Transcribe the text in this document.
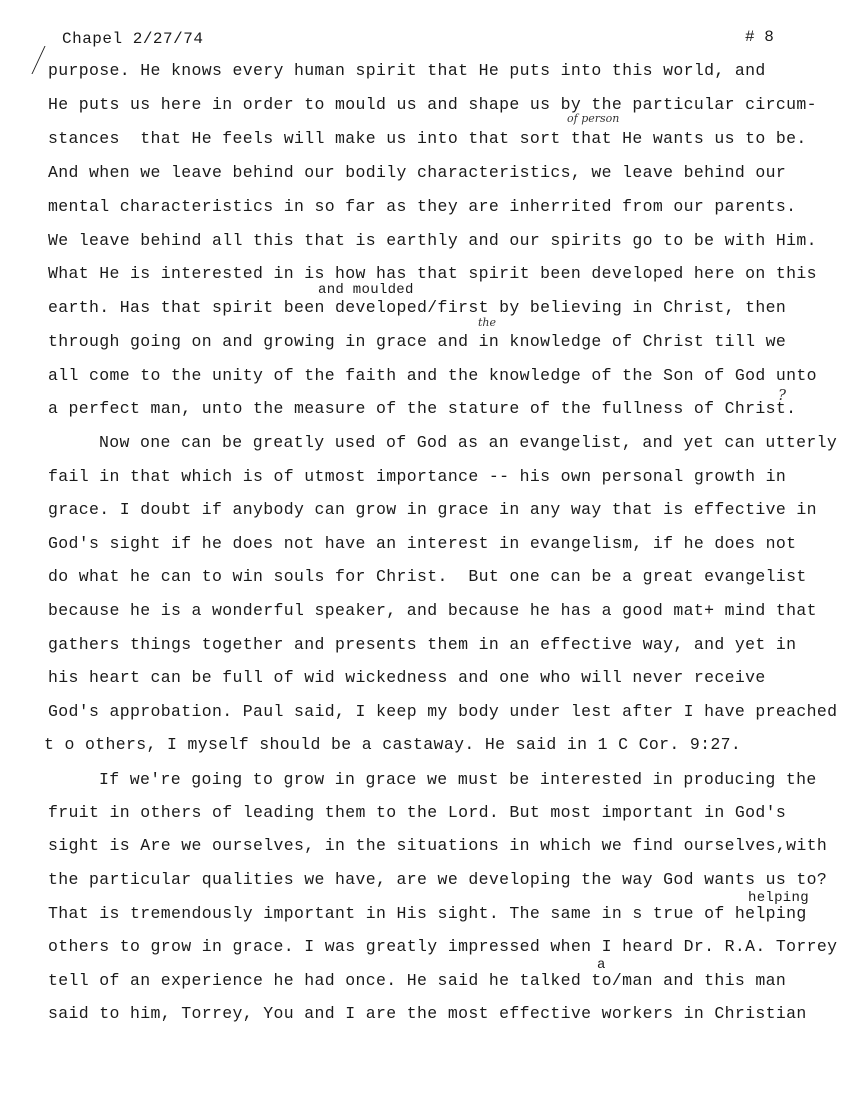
Chapel 2/27/74	# 8
of person
and moulded
the
?
helping
a
purpose. He knows every human spirit that He puts into this world, and
He puts us here in order to mould us and shape us by the particular circum-
stances  that He feels will make us into that sort that He wants us to be.
And when we leave behind our bodily characteristics, we leave behind our
mental characteristics in so far as they are inherrited from our parents.
We leave behind all this that is earthly and our spirits go to be with Him.
What He is interested in is how has that spirit been developed here on this
earth. Has that spirit been developed/first by believing in Christ, then
through going on and growing in grace and in knowledge of Christ till we
all come to the unity of the faith and the knowledge of the Son of God unto
a perfect man, unto the measure of the stature of the fullness of Christ.
Now one can be greatly used of God as an evangelist, and yet can utterly
fail in that which is of utmost importance -- his own personal growth in
grace. I doubt if anybody can grow in grace in any way that is effective in
God's sight if he does not have an interest in evangelism, if he does not
do what he can to win souls for Christ.  But one can be a great evangelist
because he is a wonderful speaker, and because he has a good mat+ mind that
gathers things together and presents them in an effective way, and yet in
his heart can be full of wid wickedness and one who will never receive
God's approbation. Paul said, I keep my body under lest after I have preached
t o others, I myself should be a castaway. He said in 1 C Cor. 9:27.
If we're going to grow in grace we must be interested in producing the
fruit in others of leading them to the Lord. But most important in God's
sight is Are we ourselves, in the situations in which we find ourselves,with
the particular qualities we have, are we developing the way God wants us to?
That is tremendously important in His sight. The same in s true of helping
others to grow in grace. I was greatly impressed when I heard Dr. R.A. Torrey
tell of an experience he had once. He said he talked to/man and this man
said to him, Torrey, You and I are the most effective workers in Christian
